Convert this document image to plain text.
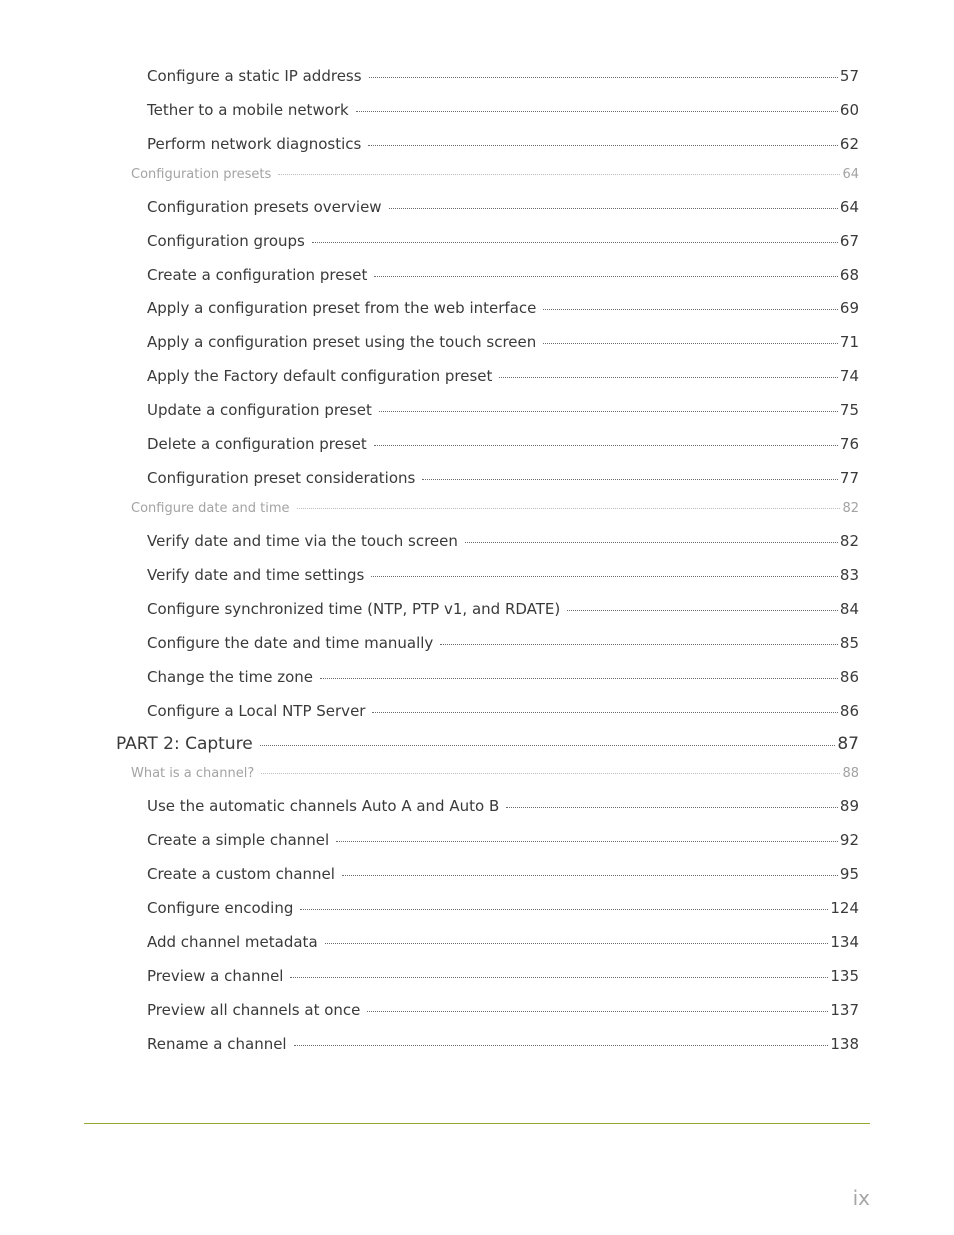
Configure a static IP address	57
Tether to a mobile network	60
Perform network diagnostics	62
Configuration presets	64
Configuration presets overview	64
Configuration groups	67
Create a configuration preset	68
Apply a configuration preset from the web interface	69
Apply a configuration preset using the touch screen	71
Apply the Factory default configuration preset	74
Update a configuration preset	75
Delete a configuration preset	76
Configuration preset considerations	77
Configure date and time	82
Verify date and time via the touch screen	82
Verify date and time settings	83
Configure synchronized time (NTP, PTP v1, and RDATE)	84
Configure the date and time manually	85
Change the time zone	86
Configure a Local NTP Server	86
PART 2: Capture	87
What is a channel?	88
Use the automatic channels Auto A and Auto B	89
Create a simple channel	92
Create a custom channel	95
Configure encoding	124
Add channel metadata	134
Preview a channel	135
Preview all channels at once	137
Rename a channel	138
ix
